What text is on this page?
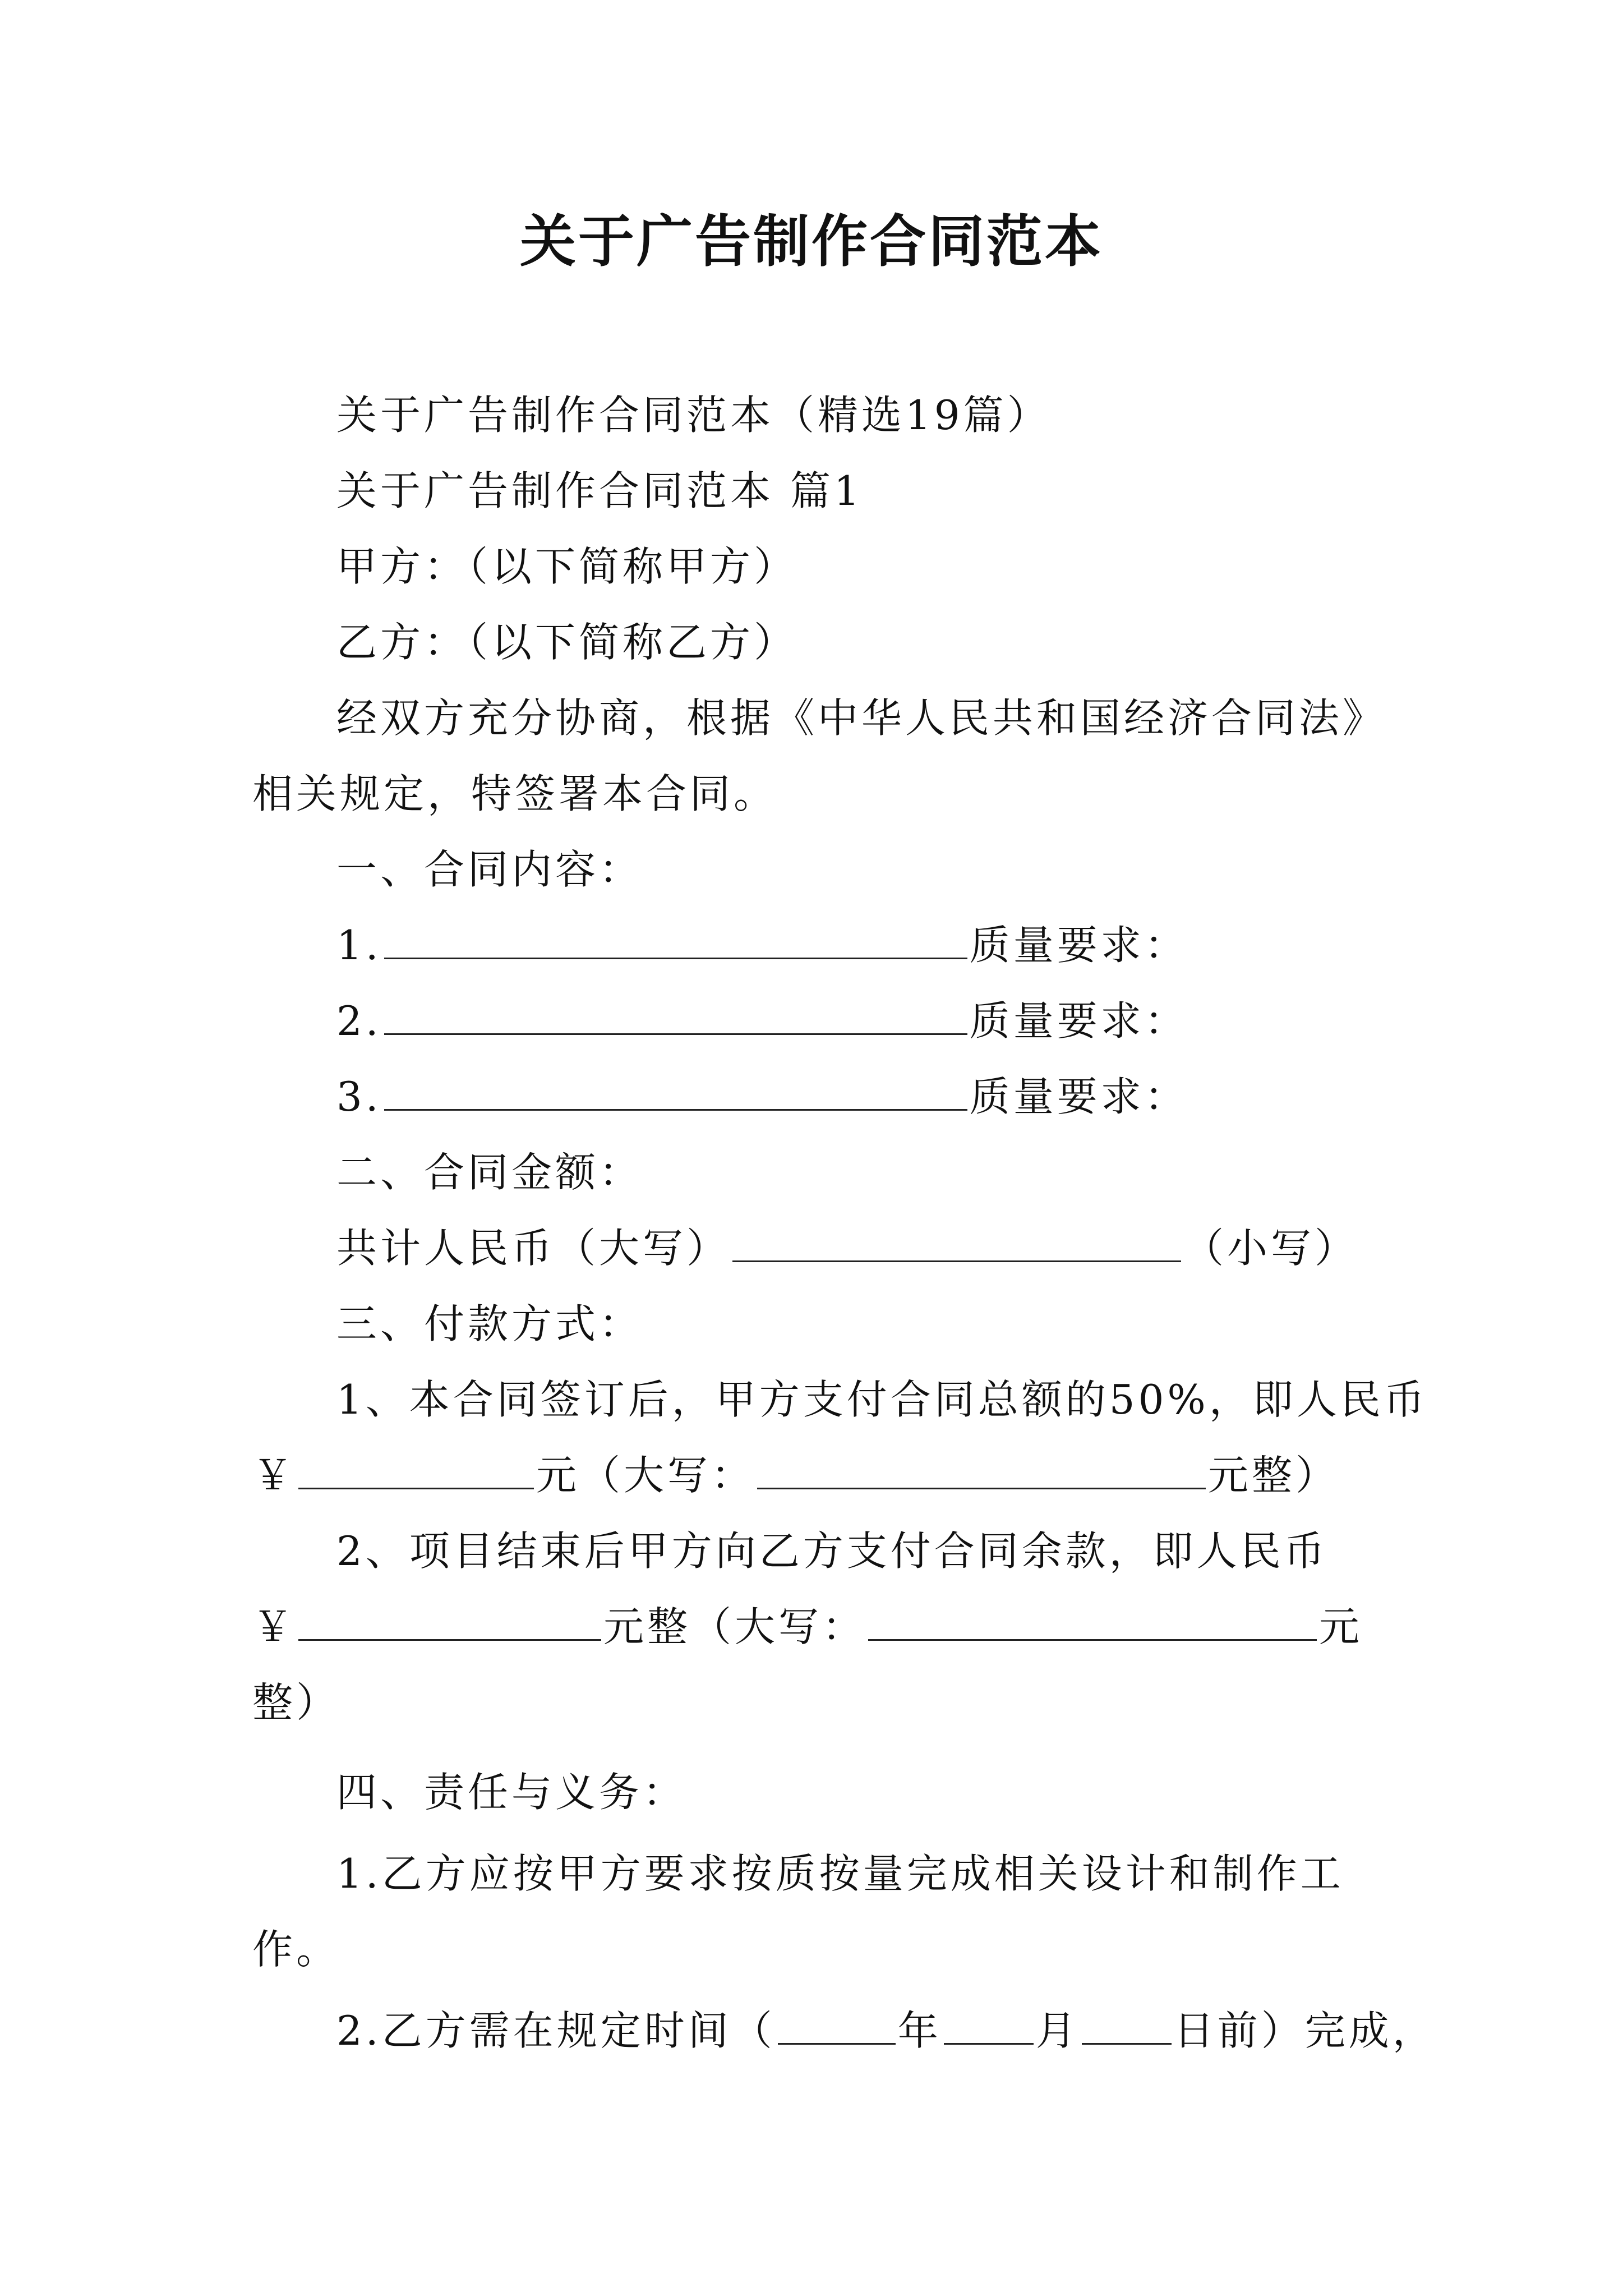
关于广告制作合同范本
关于广告制作合同范本（精选19篇）
关于广告制作合同范本 篇1
甲方：（以下简称甲方）
乙方：（以下简称乙方）
经双方充分协商，根据《中华人民共和国经济合同法》
相关规定，特签署本合同。
一、合同内容：
1.	质量要求：
2.	质量要求：
3.	质量要求：
二、合同金额：
共计人民币（大写）	（小写）
三、付款方式：
1、本合同签订后，甲方支付合同总额的50%，即人民币
￥	元（大写：	元整）
2、项目结束后甲方向乙方支付合同余款，即人民币
￥	元整（大写：	元
整）
四、责任与义务：
1.乙方应按甲方要求按质按量完成相关设计和制作工
作。
2.乙方需在规定时间（	年 月 日前）完成，
